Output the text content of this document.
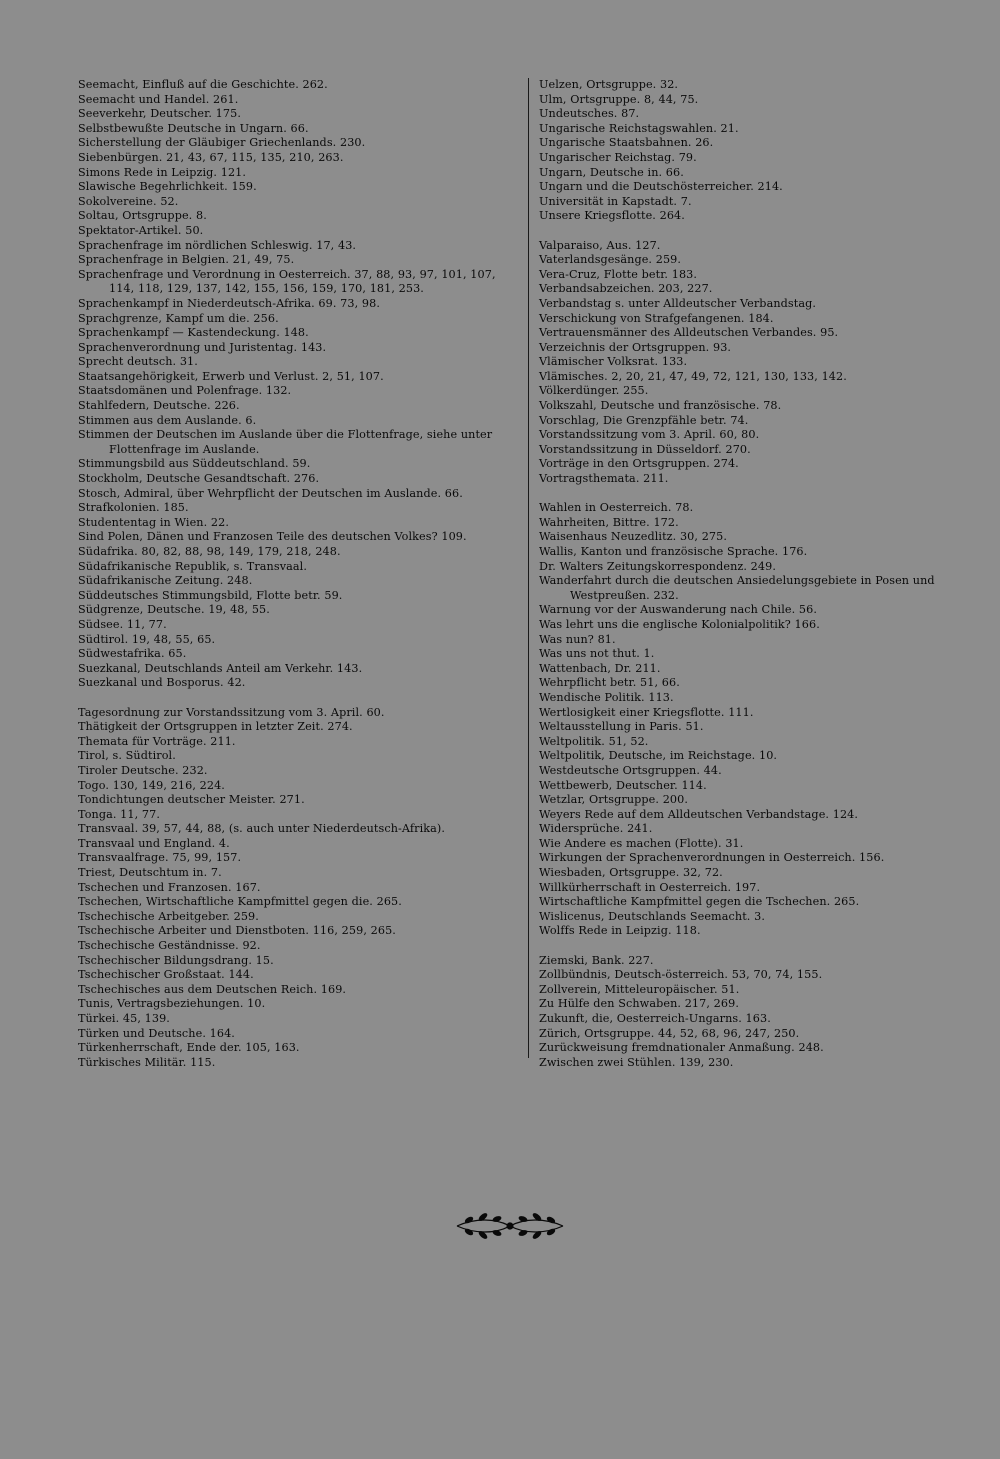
Seemacht, Einfluß auf die Geschichte. 262.
Seemacht und Handel. 261.
Seeverkehr, Deutscher. 175.
Selbstbewußte Deutsche in Ungarn. 66.
Sicherstellung der Gläubiger Griechenlands. 230.
Siebenbürgen. 21, 43, 67, 115, 135, 210, 263.
Simons Rede in Leipzig. 121.
Slawische Begehrlichkeit. 159.
Sokolvereine. 52.
Soltau, Ortsgruppe. 8.
Spektator-Artikel. 50.
Sprachenfrage im nördlichen Schleswig. 17, 43.
Sprachenfrage in Belgien. 21, 49, 75.
Sprachenfrage und Verordnung in Oesterreich. 37, 88, 93, 97, 101, 107, 114, 118, 129, 137, 142, 155, 156, 159, 170, 181, 253.
Sprachenkampf in Niederdeutsch-Afrika. 69. 73, 98.
Sprachgrenze, Kampf um die. 256.
Sprachenkampf — Kastendeckung. 148.
Sprachenverordnung und Juristentag. 143.
Sprecht deutsch. 31.
Staatsangehörigkeit, Erwerb und Verlust. 2, 51, 107.
Staatsdomänen und Polenfrage. 132.
Stahlfedern, Deutsche. 226.
Stimmen aus dem Auslande. 6.
Stimmen der Deutschen im Auslande über die Flottenfrage, siehe unter Flottenfrage im Auslande.
Stimmungsbild aus Süddeutschland. 59.
Stockholm, Deutsche Gesandtschaft. 276.
Stosch, Admiral, über Wehrpflicht der Deutschen im Auslande. 66.
Strafkolonien. 185.
Studententag in Wien. 22.
Sind Polen, Dänen und Franzosen Teile des deutschen Volkes? 109.
Südafrika. 80, 82, 88, 98, 149, 179, 218, 248.
Südafrikanische Republik, s. Transvaal.
Südafrikanische Zeitung. 248.
Süddeutsches Stimmungsbild, Flotte betr. 59.
Südgrenze, Deutsche. 19, 48, 55.
Südsee. 11, 77.
Südtirol. 19, 48, 55, 65.
Südwestafrika. 65.
Suezkanal, Deutschlands Anteil am Verkehr. 143.
Suezkanal und Bosporus. 42.
Tagesordnung zur Vorstandssitzung vom 3. April. 60.
Thätigkeit der Ortsgruppen in letzter Zeit. 274.
Themata für Vorträge. 211.
Tirol, s. Südtirol.
Tiroler Deutsche. 232.
Togo. 130, 149, 216, 224.
Tondichtungen deutscher Meister. 271.
Tonga. 11, 77.
Transvaal. 39, 57, 44, 88, (s. auch unter Niederdeutsch-Afrika).
Transvaal und England. 4.
Transvaalfrage. 75, 99, 157.
Triest, Deutschtum in. 7.
Tschechen und Franzosen. 167.
Tschechen, Wirtschaftliche Kampfmittel gegen die. 265.
Tschechische Arbeitgeber. 259.
Tschechische Arbeiter und Dienstboten. 116, 259, 265.
Tschechische Geständnisse. 92.
Tschechischer Bildungsdrang. 15.
Tschechischer Großstaat. 144.
Tschechisches aus dem Deutschen Reich. 169.
Tunis, Vertragsbeziehungen. 10.
Türkei. 45, 139.
Türken und Deutsche. 164.
Türkenherrschaft, Ende der. 105, 163.
Türkisches Militär. 115.
Uelzen, Ortsgruppe. 32.
Ulm, Ortsgruppe. 8, 44, 75.
Undeutsches. 87.
Ungarische Reichstagswahlen. 21.
Ungarische Staatsbahnen. 26.
Ungarischer Reichstag. 79.
Ungarn, Deutsche in. 66.
Ungarn und die Deutschösterreicher. 214.
Universität in Kapstadt. 7.
Unsere Kriegsflotte. 264.
Valparaiso, Aus. 127.
Vaterlandsgesänge. 259.
Vera-Cruz, Flotte betr. 183.
Verbandsabzeichen. 203, 227.
Verbandstag s. unter Alldeutscher Verbandstag.
Verschickung von Strafgefangenen. 184.
Vertrauensmänner des Alldeutschen Verbandes. 95.
Verzeichnis der Ortsgruppen. 93.
Vlämischer Volksrat. 133.
Vlämisches. 2, 20, 21, 47, 49, 72, 121, 130, 133, 142.
Völkerdünger. 255.
Volkszahl, Deutsche und französische. 78.
Vorschlag, Die Grenzpfähle betr. 74.
Vorstandssitzung vom 3. April. 60, 80.
Vorstandssitzung in Düsseldorf. 270.
Vorträge in den Ortsgruppen. 274.
Vortragsthemata. 211.
Wahlen in Oesterreich. 78.
Wahrheiten, Bittre. 172.
Waisenhaus Neuzedlitz. 30, 275.
Wallis, Kanton und französische Sprache. 176.
Dr. Walters Zeitungskorrespondenz. 249.
Wanderfahrt durch die deutschen Ansiedelungsgebiete in Posen und Westpreußen. 232.
Warnung vor der Auswanderung nach Chile. 56.
Was lehrt uns die englische Kolonialpolitik? 166.
Was nun? 81.
Was uns not thut. 1.
Wattenbach, Dr. 211.
Wehrpflicht betr. 51, 66.
Wendische Politik. 113.
Wertlosigkeit einer Kriegsflotte. 111.
Weltausstellung in Paris. 51.
Weltpolitik. 51, 52.
Weltpolitik, Deutsche, im Reichstage. 10.
Westdeutsche Ortsgruppen. 44.
Wettbewerb, Deutscher. 114.
Wetzlar, Ortsgruppe. 200.
Weyers Rede auf dem Alldeutschen Verbandstage. 124.
Widersprüche. 241.
Wie Andere es machen (Flotte). 31.
Wirkungen der Sprachenverordnungen in Oesterreich. 156.
Wiesbaden, Ortsgruppe. 32, 72.
Willkürherrschaft in Oesterreich. 197.
Wirtschaftliche Kampfmittel gegen die Tschechen. 265.
Wislicenus, Deutschlands Seemacht. 3.
Wolffs Rede in Leipzig. 118.
Ziemski, Bank. 227.
Zollbündnis, Deutsch-österreich. 53, 70, 74, 155.
Zollverein, Mitteleuropäischer. 51.
Zu Hülfe den Schwaben. 217, 269.
Zukunft, die, Oesterreich-Ungarns. 163.
Zürich, Ortsgruppe. 44, 52, 68, 96, 247, 250.
Zurückweisung fremdnationaler Anmaßung. 248.
Zwischen zwei Stühlen. 139, 230.
